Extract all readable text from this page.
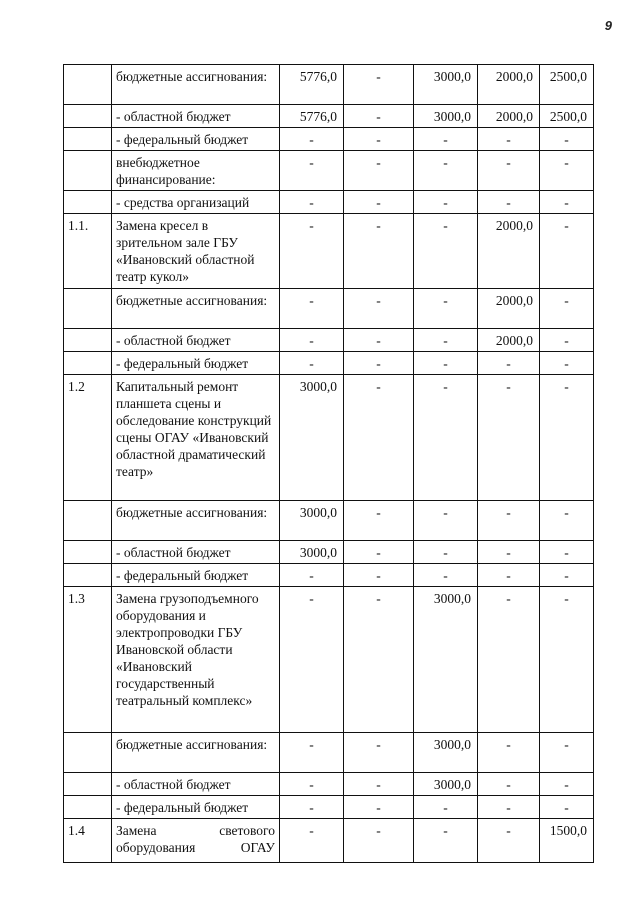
9
	бюджетные ассигнования:	5776,0	-	3000,0	2000,0	2500,0
	- областной бюджет	5776,0	-	3000,0	2000,0	2500,0
	- федеральный бюджет	-	-	-	-	-
	внебюджетное финансирование:	-	-	-	-	-
	- средства организаций	-	-	-	-	-
1.1.	Замена кресел в зрительном зале ГБУ «Ивановский областной театр кукол»	-	-	-	2000,0	-
	бюджетные ассигнования:	-	-	-	2000,0	-
	- областной бюджет	-	-	-	2000,0	-
	- федеральный бюджет	-	-	-	-	-
1.2	Капитальный ремонт планшета сцены и обследование конструкций сцены ОГАУ «Ивановский областной драматический театр»	3000,0	-	-	-	-
	бюджетные ассигнования:	3000,0	-	-	-	-
	- областной бюджет	3000,0	-	-	-	-
	- федеральный бюджет	-	-	-	-	-
1.3	Замена грузоподъемного оборудования и электропроводки ГБУ Ивановской области «Ивановский государственный театральный комплекс»	-	-	3000,0	-	-
	бюджетные ассигнования:	-	-	3000,0	-	-
	- областной бюджет	-	-	3000,0	-	-
	- федеральный бюджет	-	-	-	-	-
1.4	Замена светового оборудования ОГАУ	-	-	-	-	1500,0
